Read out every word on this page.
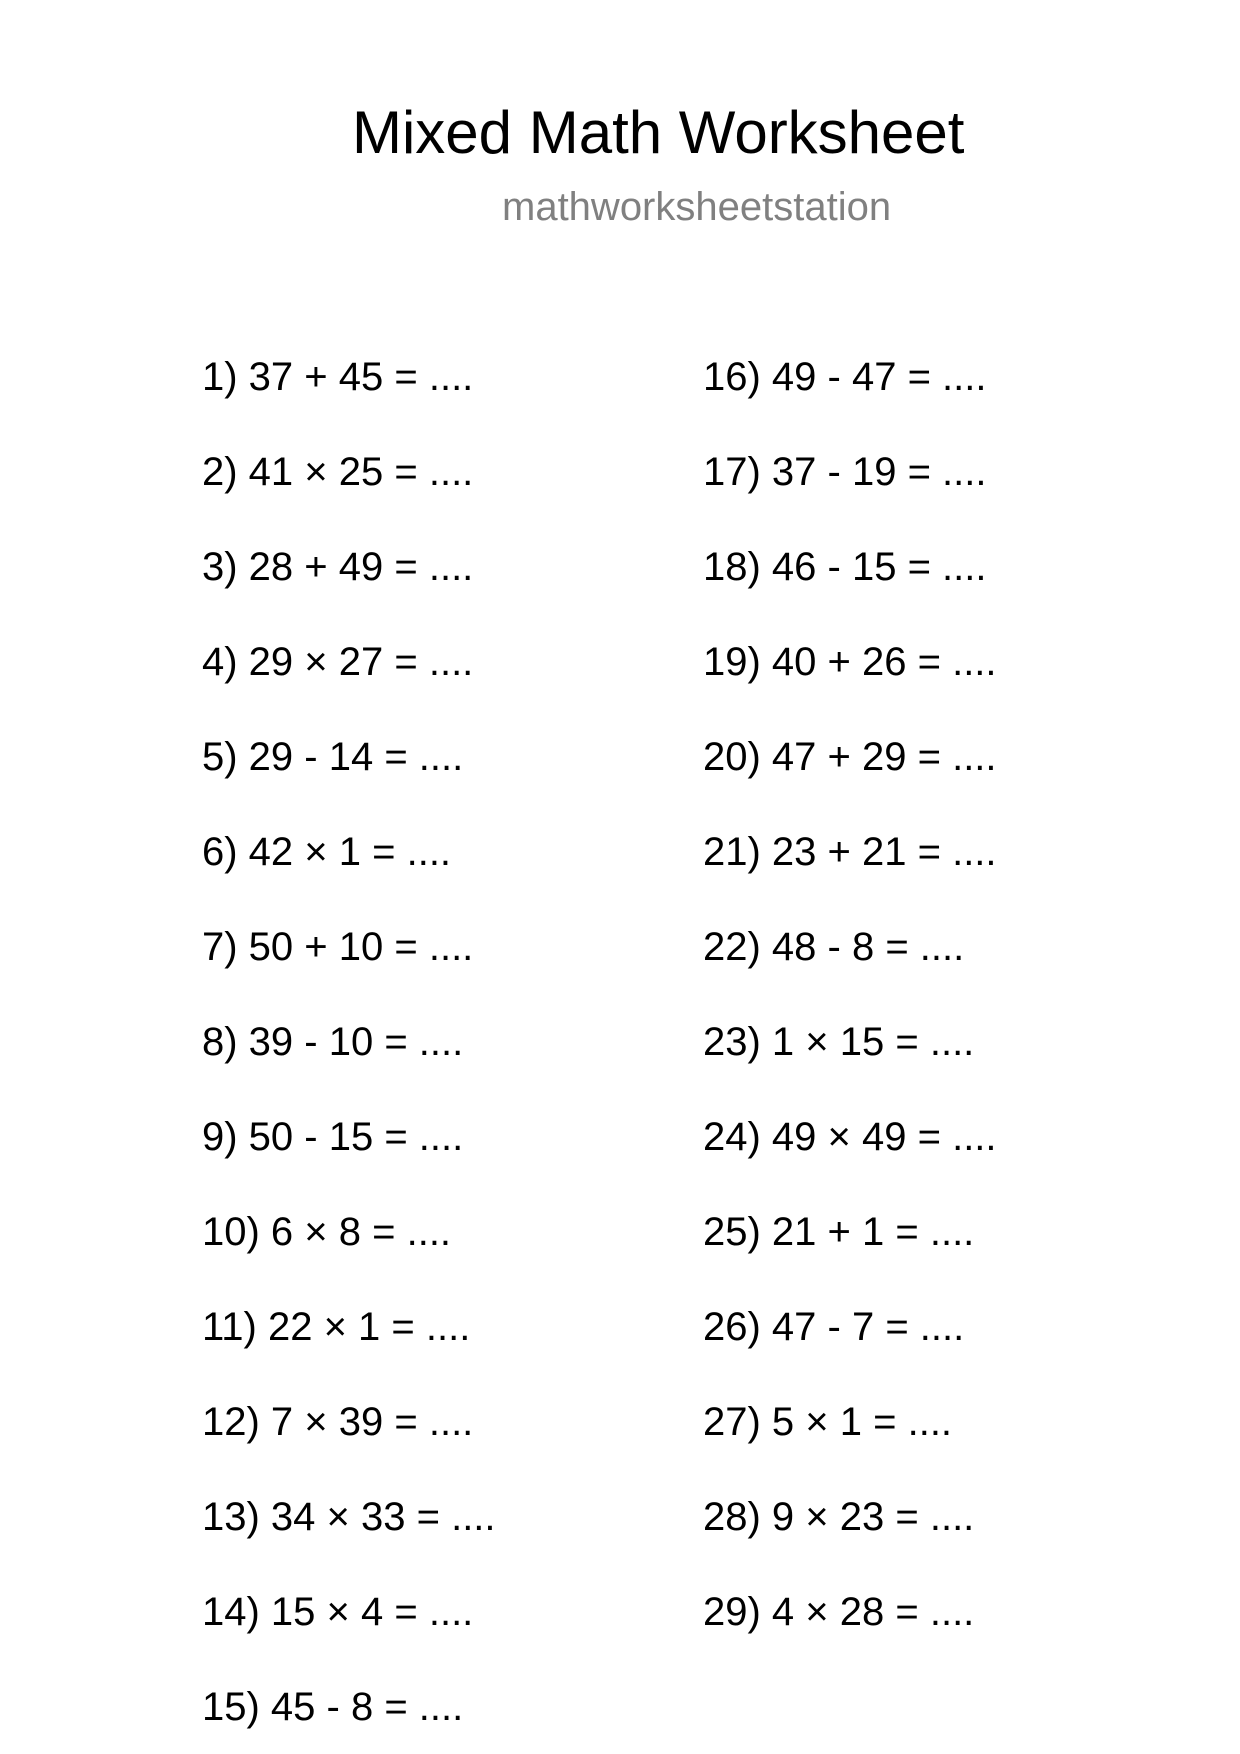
Mixed Math Worksheet
mathworksheetstation
1) 37 + 45 = ....
2) 41 × 25 = ....
3) 28 + 49 = ....
4) 29 × 27 = ....
5) 29 - 14 = ....
6) 42 × 1 = ....
7) 50 + 10 = ....
8) 39 - 10 = ....
9) 50 - 15 = ....
10) 6 × 8 = ....
11) 22 × 1 = ....
12) 7 × 39 = ....
13) 34 × 33 = ....
14) 15 × 4 = ....
15) 45 - 8 = ....
16) 49 - 47 = ....
17) 37 - 19 = ....
18) 46 - 15 = ....
19) 40 + 26 = ....
20) 47 + 29 = ....
21) 23 + 21 = ....
22) 48 - 8 = ....
23) 1 × 15 = ....
24) 49 × 49 = ....
25) 21 + 1 = ....
26) 47 - 7 = ....
27) 5 × 1 = ....
28) 9 × 23 = ....
29) 4 × 28 = ....
